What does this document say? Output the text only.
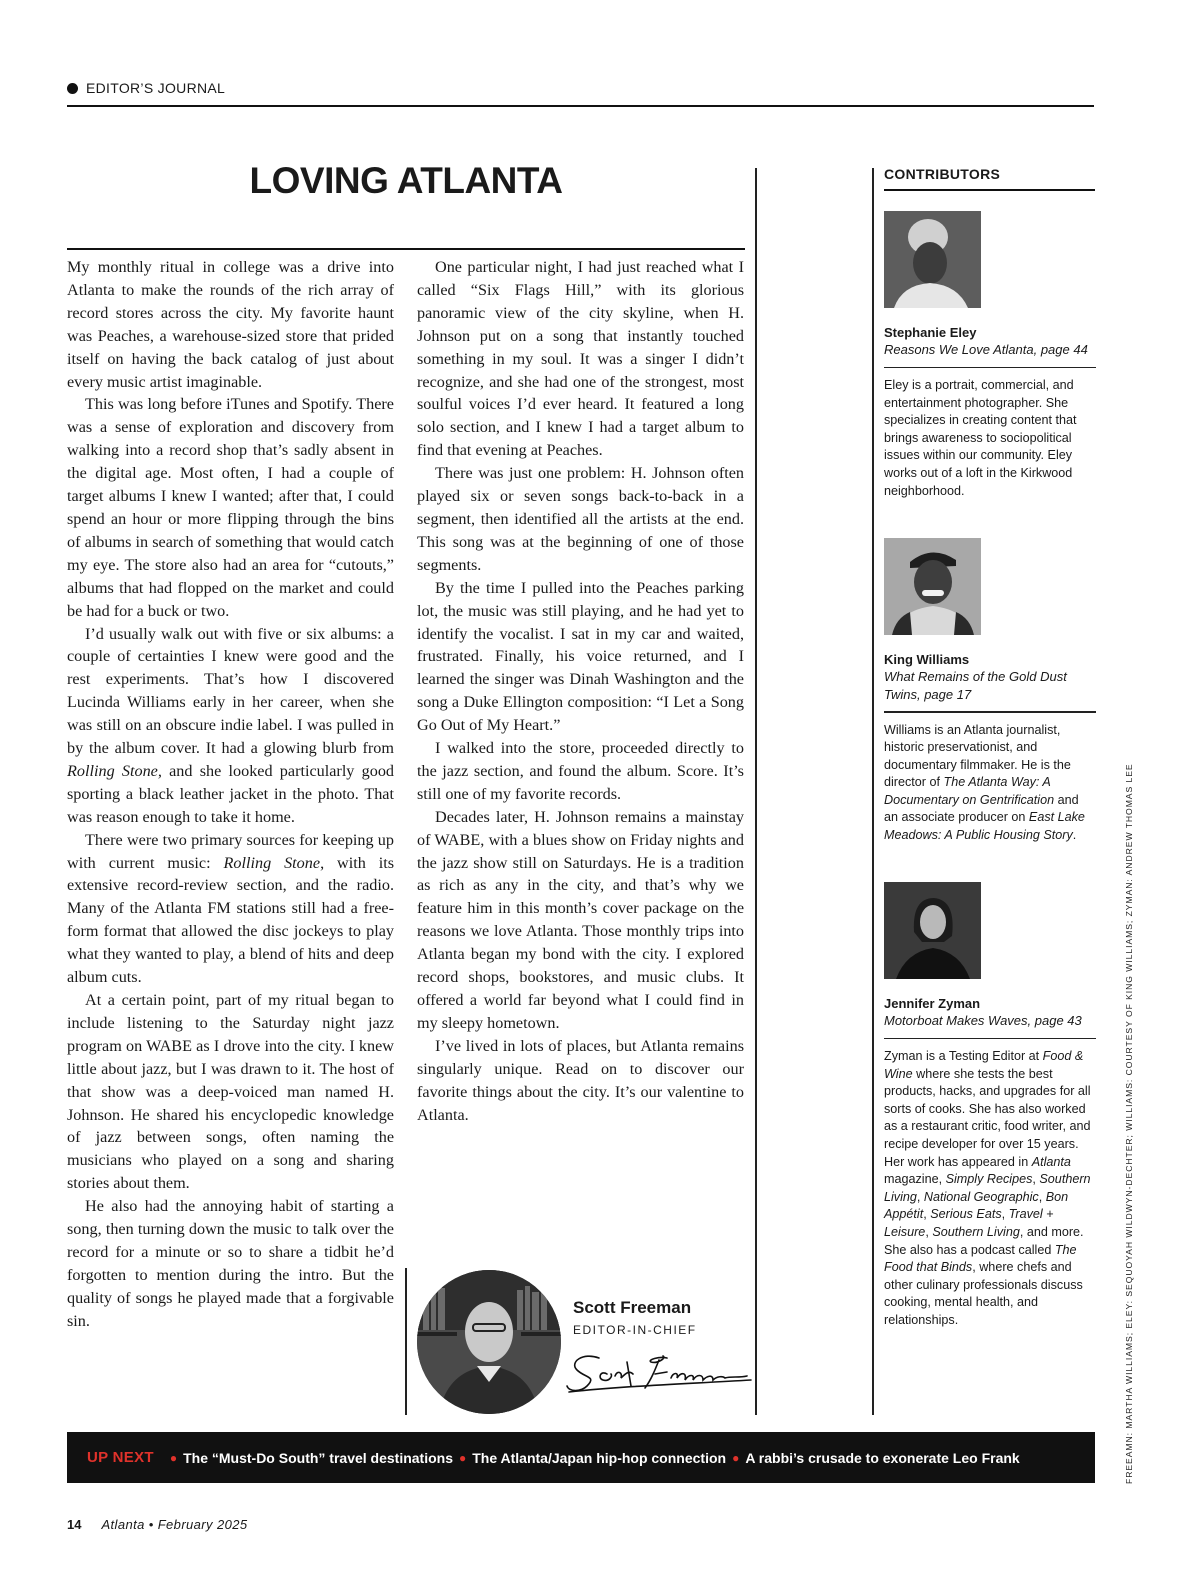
EDITOR’S JOURNAL
LOVING ATLANTA

My monthly ritual in college was a drive into Atlanta to make the rounds of the rich array of record stores across the city. My favorite haunt was Peaches, a warehouse-sized store that prided itself on having the back catalog of just about every music artist imaginable.

This was long before iTunes and Spotify. There was a sense of exploration and discovery from walking into a record shop that’s sadly absent in the digital age. Most often, I had a couple of target albums I knew I wanted; after that, I could spend an hour or more flipping through the bins of albums in search of something that would catch my eye. The store also had an area for “cutouts,” albums that had flopped on the market and could be had for a buck or two.

I’d usually walk out with five or six albums: a couple of certainties I knew were good and the rest experiments. That’s how I discovered Lucinda Williams early in her career, when she was still on an obscure indie label. I was pulled in by the album cover. It had a glowing blurb from Rolling Stone, and she looked particularly good sporting a black leather jacket in the photo. That was reason enough to take it home.

There were two primary sources for keeping up with current music: Rolling Stone, with its extensive record-review section, and the radio. Many of the Atlanta FM stations still had a free-form format that allowed the disc jockeys to play what they wanted to play, a blend of hits and deep album cuts.

At a certain point, part of my ritual began to include listening to the Saturday night jazz program on WABE as I drove into the city. I knew little about jazz, but I was drawn to it. The host of that show was a deep-voiced man named H. Johnson. He shared his encyclopedic knowledge of jazz between songs, often naming the musicians who played on a song and sharing stories about them.

He also had the annoying habit of starting a song, then turning down the music to talk over the record for a minute or so to share a tidbit he’d forgotten to mention during the intro. But the quality of songs he played made that a forgivable sin.

One particular night, I had just reached what I called “Six Flags Hill,” with its glorious panoramic view of the city skyline, when H. Johnson put on a song that instantly touched something in my soul. It was a singer I didn’t recognize, and she had one of the strongest, most soulful voices I’d ever heard. It featured a long solo section, and I knew I had a target album to find that evening at Peaches.

There was just one problem: H. Johnson often played six or seven songs back-to-back in a segment, then identified all the artists at the end. This song was at the beginning of one of those segments.

By the time I pulled into the Peaches parking lot, the music was still playing, and he had yet to identify the vocalist. I sat in my car and waited, frustrated. Finally, his voice returned, and I learned the singer was Dinah Washington and the song a Duke Ellington composition: “I Let a Song Go Out of My Heart.”

I walked into the store, proceeded directly to the jazz section, and found the album. Score. It’s still one of my favorite records.

Decades later, H. Johnson remains a mainstay of WABE, with a blues show on Friday nights and the jazz show still on Saturdays. He is a tradition as rich as any in the city, and that’s why we feature him in this month’s cover package on the reasons we love Atlanta. Those monthly trips into Atlanta began my bond with the city. I explored record shops, bookstores, and music clubs. It offered a world far beyond what I could find in my sleepy hometown.

I’ve lived in lots of places, but Atlanta remains singularly unique. Read on to discover our favorite things about the city. It’s our valentine to Atlanta.

Scott Freeman
EDITOR-IN-CHIEF
CONTRIBUTORS
Stephanie Eley
Reasons We Love Atlanta, page 44
Eley is a portrait, commercial, and entertainment photographer. She specializes in creating content that brings awareness to sociopolitical issues within our community. Eley works out of a loft in the Kirkwood neighborhood.
King Williams
What Remains of the Gold Dust Twins, page 17
Williams is an Atlanta journalist, historic preservationist, and documentary filmmaker. He is the director of The Atlanta Way: A Documentary on Gentrification and an associate producer on East Lake Meadows: A Public Housing Story.
Jennifer Zyman
Motorboat Makes Waves, page 43
Zyman is a Testing Editor at Food & Wine where she tests the best products, hacks, and upgrades for all sorts of cooks. She has also worked as a restaurant critic, food writer, and recipe developer for over 15 years. Her work has appeared in Atlanta magazine, Simply Recipes, Southern Living, National Geographic, Bon Appétit, Serious Eats, Travel + Leisure, Southern Living, and more. She also has a podcast called The Food that Binds, where chefs and other culinary professionals discuss cooking, mental health, and relationships.	FREEAMN: MARTHA WILLIAMS; ELEY: SEQUOYAH WILDWYN-DECHTER; WILLIAMS: COURTESY OF KING WILLIAMS; ZYMAN: ANDREW THOMAS LEE
UP NEXT ● The “Must-Do South” travel destinations ● The Atlanta/Japan hip-hop connection ● A rabbi’s crusade to exonerate Leo Frank
14 Atlanta • February 2025
